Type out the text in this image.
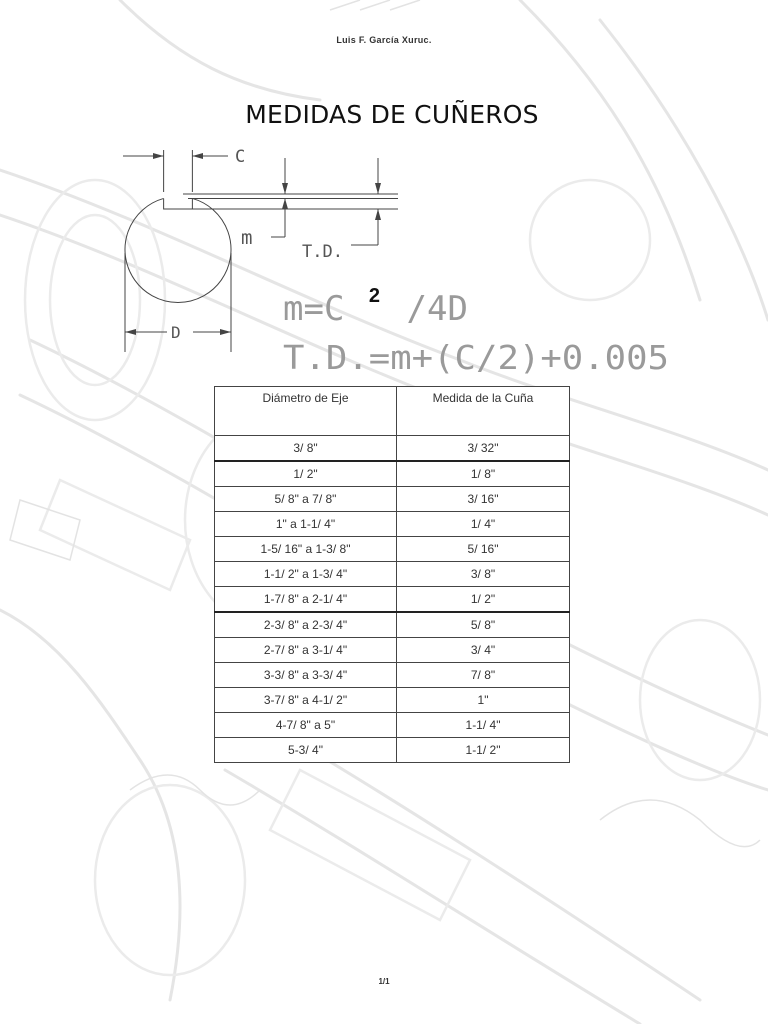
Luis F. García Xuruc.
MEDIDAS DE CUÑEROS
C
m
T.D.
D
m=C $^2$ /4D
T.D.=m+(C/2)+0.005
Diámetro de Eje	Medida de la Cuña
3/ 8"	3/ 32"
1/ 2"	1/ 8"
5/ 8" a 7/ 8"	3/ 16"
1" a 1-1/ 4"	1/ 4"
1-5/ 16" a 1-3/ 8"	5/ 16"
1-1/ 2" a 1-3/ 4"	3/ 8"
1-7/ 8" a 2-1/ 4"	1/ 2"
2-3/ 8" a 2-3/ 4"	5/ 8"
2-7/ 8" a 3-1/ 4"	3/ 4"
3-3/ 8" a 3-3/ 4"	7/ 8"
3-7/ 8" a 4-1/ 2"	1"
4-7/ 8" a 5"	1-1/ 4"
5-3/ 4"	1-1/ 2"
1/1
